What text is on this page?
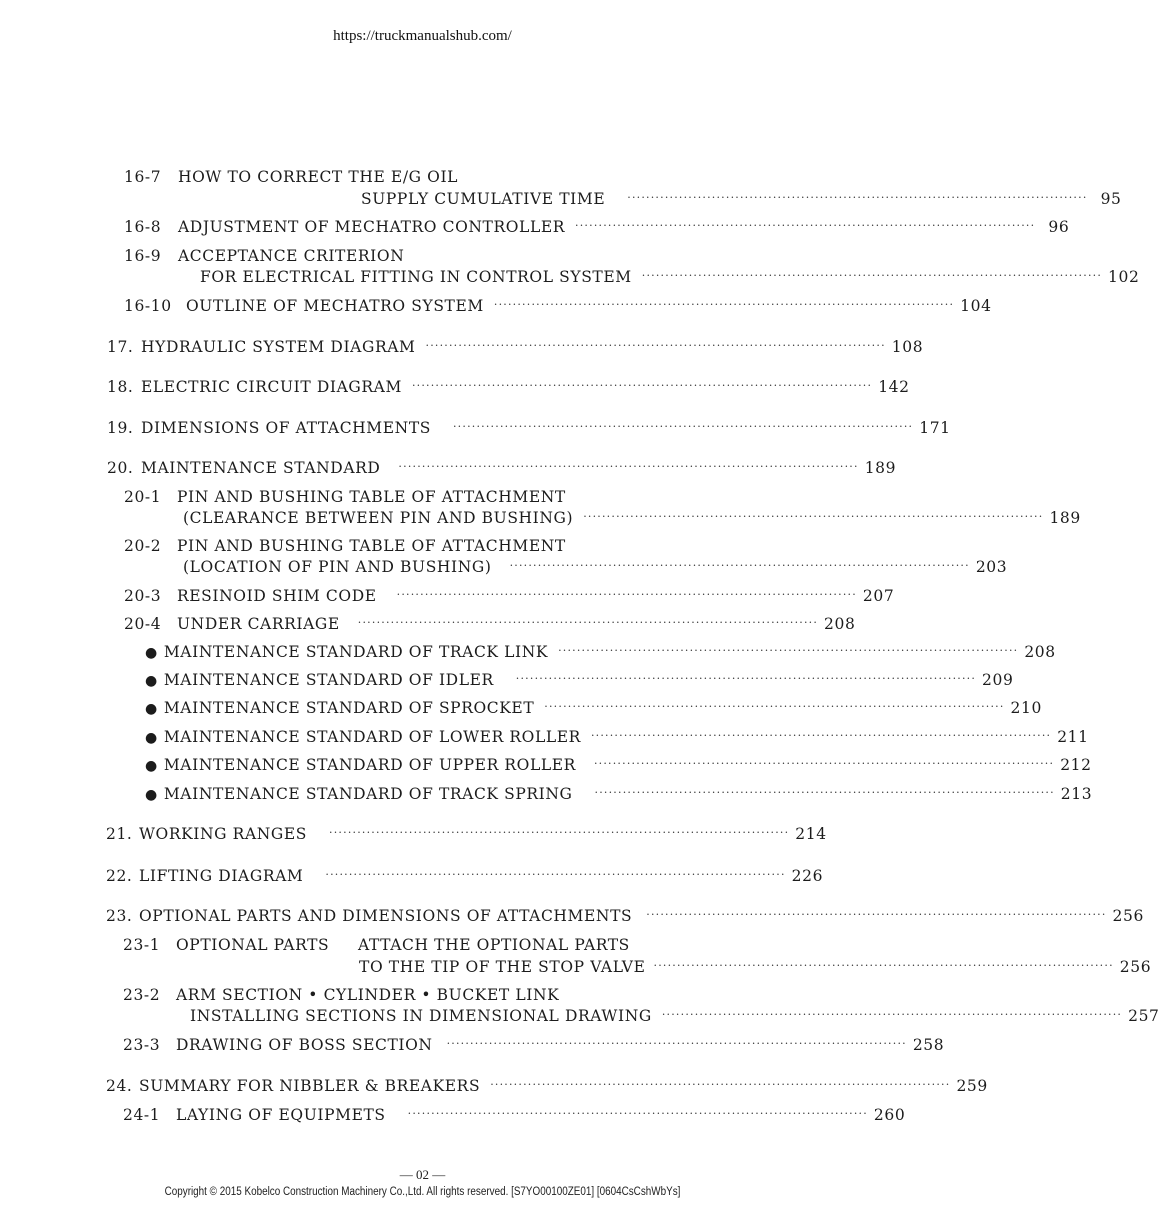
https://truckmanualshub.com/
16-7 HOW TO CORRECT THE E/G OIL
SUPPLY CUMULATIVE TIME ·································································································· 95
16-8	ADJUSTMENT OF MECHATRO CONTROLLER ·································································································· 96
16-9 ACCEPTANCE CRITERION
FOR ELECTRICAL FITTING IN CONTROL SYSTEM ·································································································· 102
16-10 OUTLINE OF MECHATRO SYSTEM ·································································································· 104
17. HYDRAULIC SYSTEM DIAGRAM ·································································································· 108
18. ELECTRIC CIRCUIT DIAGRAM ·································································································· 142
19. DIMENSIONS OF ATTACHMENTS ·································································································· 171
20. MAINTENANCE STANDARD ·································································································· 189
20-1 PIN AND BUSHING TABLE OF ATTACHMENT
(CLEARANCE BETWEEN PIN AND BUSHING) ·································································································· 189
20-2 PIN AND BUSHING TABLE OF ATTACHMENT
(LOCATION OF PIN AND BUSHING) ·································································································· 203
20-3	RESINOID SHIM CODE ·································································································· 207
20-4	UNDER CARRIAGE ·································································································· 208
● MAINTENANCE STANDARD OF TRACK LINK ·································································································· 208
● MAINTENANCE STANDARD OF IDLER ·································································································· 209
● MAINTENANCE STANDARD OF SPROCKET ·································································································· 210
● MAINTENANCE STANDARD OF LOWER ROLLER ·································································································· 211
● MAINTENANCE STANDARD OF UPPER ROLLER ·································································································· 212
● MAINTENANCE STANDARD OF TRACK SPRING ·································································································· 213
21. WORKING RANGES ·································································································· 214
22. LIFTING DIAGRAM ·································································································· 226
23. OPTIONAL PARTS AND DIMENSIONS OF ATTACHMENTS ·································································································· 256
23-1 OPTIONAL PARTS ATTACH THE OPTIONAL PARTS
TO THE TIP OF THE STOP VALVE ·································································································· 256
23-2 ARM SECTION • CYLINDER • BUCKET LINK
INSTALLING SECTIONS IN DIMENSIONAL DRAWING ·································································································· 257
23-3	DRAWING OF BOSS SECTION ·································································································· 258
24. SUMMARY FOR NIBBLER & BREAKERS ·································································································· 259
24-1	LAYING OF EQUIPMETS ·································································································· 260
— 02 —
Copyright © 2015 Kobelco Construction Machinery Co.,Ltd. All rights reserved. [S7YO00100ZE01] [0604CsCshWbYs]
